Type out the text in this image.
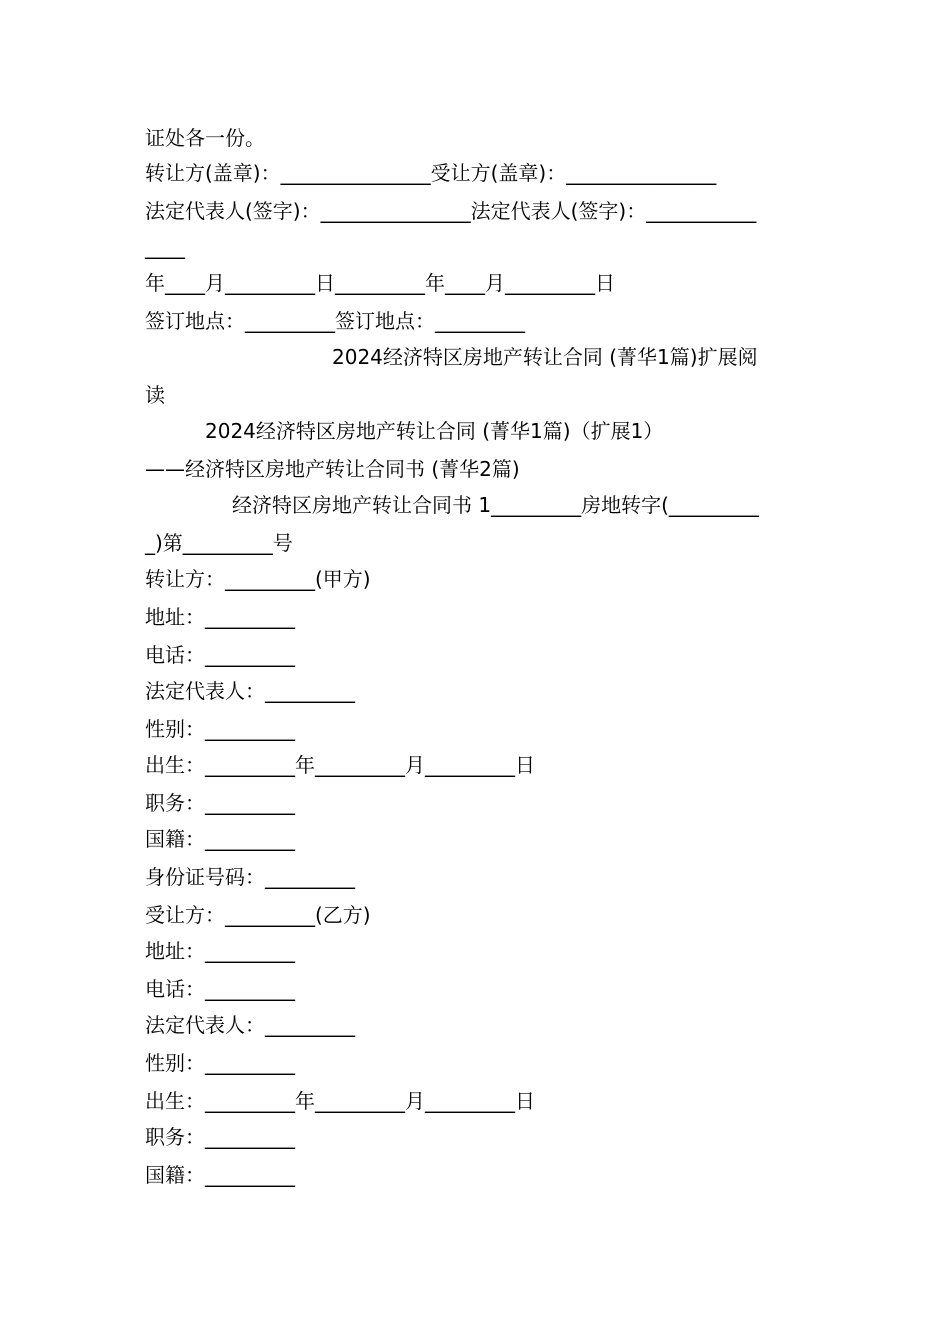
证处各一份。
转让方(盖章)：_______________受让方(盖章)：_______________
法定代表人(签字)：_______________法定代表人(签字)：___________
____
年____月_________日_________年____月_________日
签订地点：_________签订地点：_________
2024经济特区房地产转让合同 (菁华1篇)扩展阅
读
2024经济特区房地产转让合同 (菁华1篇)（扩展1）
——经济特区房地产转让合同书 (菁华2篇)
经济特区房地产转让合同书 1_________房地转字(_________
_)第_________号
转让方：_________(甲方)
地址：_________
电话：_________
法定代表人：_________
性别：_________
出生：_________年_________月_________日
职务：_________
国籍：_________
身份证号码：_________
受让方：_________(乙方)
地址：_________
电话：_________
法定代表人：_________
性别：_________
出生：_________年_________月_________日
职务：_________
国籍：_________
